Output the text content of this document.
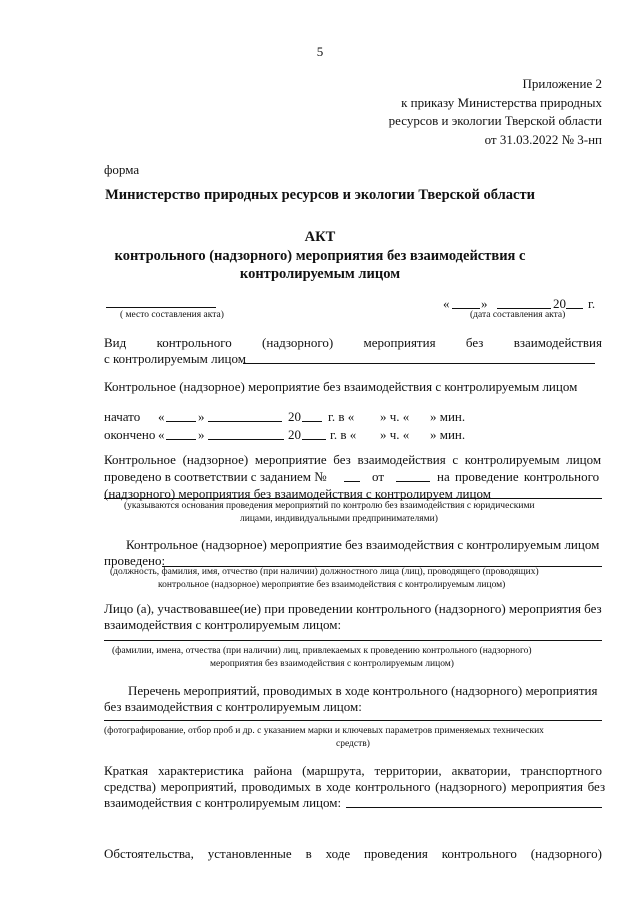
5
Приложение 2
к приказу Министерства природных
ресурсов и экологии Тверской области
от 31.03.2022 № 3-нп
форма
Министерство природных ресурсов и экологии Тверской области
АКТ
контрольного (надзорного) мероприятия без взаимодействия с
контролируемым лицом
( место составления акта)
« »	20 г.
(дата составления акта)
Вид контрольного (надзорного) мероприятия без взаимодействия
с контролируемым лицом
Контрольное (надзорное) мероприятие без взаимодействия с контролируемым лицом
начато «	»	20 г. в « » ч. « » мин.
окончено «	»	20 г. в « » ч. « » мин.
Контрольное (надзорное) мероприятие без взаимодействия с контролируемым лицом
проведено в соответствии с заданием №	от	на проведение контрольного
(надзорного) мероприятия без взаимодействия с контролируем лицом
(указываются основания проведения мероприятий по контролю без взаимодействия с юридическими
лицами, индивидуальными предпринимателями)
Контрольное (надзорное) мероприятие без взаимодействия с контролируемым лицом
проведено:
(должность, фамилия, имя, отчество (при наличии) должностного лица (лиц), проводящего (проводящих)
контрольное (надзорное) мероприятие без взаимодействия с контролируемым лицом)
Лицо (а), участвовавшее(ие) при проведении контрольного (надзорного) мероприятия без
взаимодействия с контролируемым лицом:
(фамилии, имена, отчества (при наличии) лиц, привлекаемых к проведению контрольного (надзорного)
мероприятия без взаимодействия с контролируемым лицом)
Перечень мероприятий, проводимых в ходе контрольного (надзорного) мероприятия
без взаимодействия с контролируемым лицом:
(фотографирование, отбор проб и др. с указанием марки и ключевых параметров применяемых технических
средств)
Краткая характеристика района (маршрута, территории, акватории, транспортного
средства) мероприятий, проводимых в ходе контрольного (надзорного) мероприятия без
взаимодействия с контролируемым лицом:
Обстоятельства, установленные в ходе проведения контрольного (надзорного)
